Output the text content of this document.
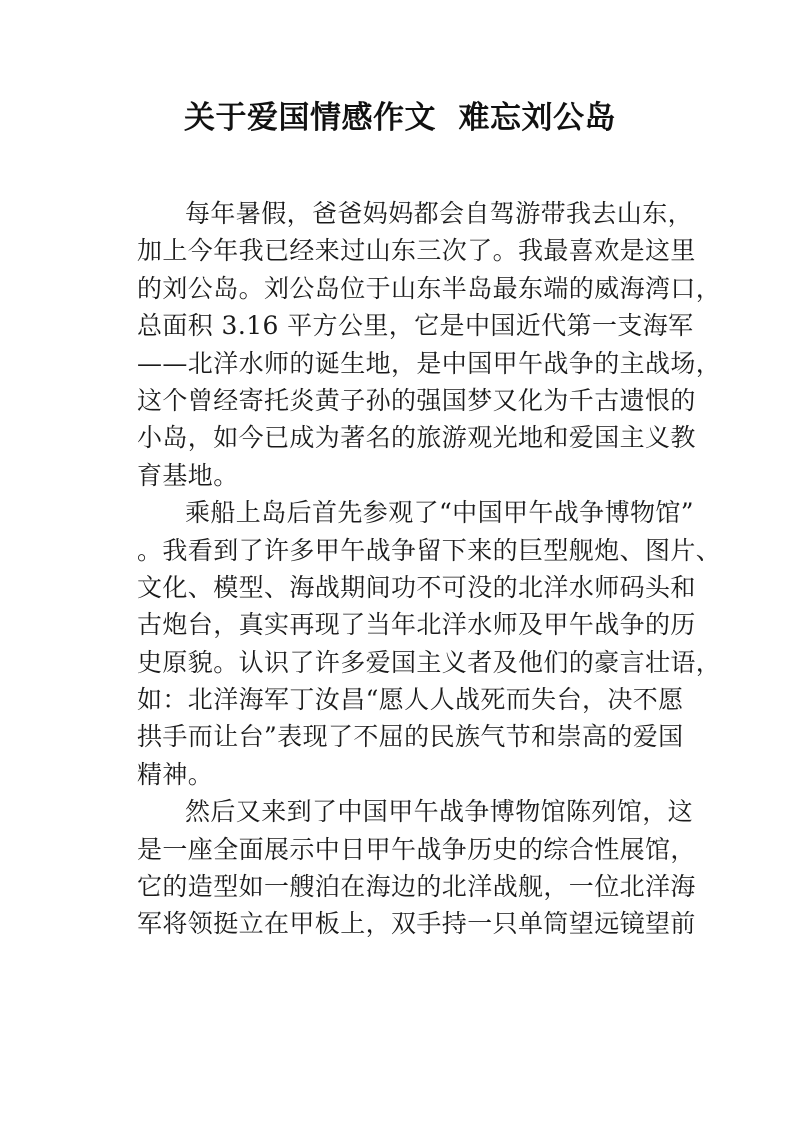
关于爱国情感作文  难忘刘公岛
每年暑假，爸爸妈妈都会自驾游带我去山东，
加上今年我已经来过山东三次了。我最喜欢是这里
的刘公岛。刘公岛位于山东半岛最东端的威海湾口，
总面积 3.16 平方公里，它是中国近代第一支海军
——北洋水师的诞生地，是中国甲午战争的主战场，
这个曾经寄托炎黄子孙的强国梦又化为千古遗恨的
小岛，如今已成为著名的旅游观光地和爱国主义教
育基地。
乘船上岛后首先参观了“中国甲午战争博物馆”
。我看到了许多甲午战争留下来的巨型舰炮、图片、
文化、模型、海战期间功不可没的北洋水师码头和
古炮台，真实再现了当年北洋水师及甲午战争的历
史原貌。认识了许多爱国主义者及他们的豪言壮语，
如：北洋海军丁汝昌“愿人人战死而失台，决不愿
拱手而让台”表现了不屈的民族气节和崇高的爱国
精神。
然后又来到了中国甲午战争博物馆陈列馆，这
是一座全面展示中日甲午战争历史的综合性展馆，
它的造型如一艘泊在海边的北洋战舰，一位北洋海
军将领挺立在甲板上，双手持一只单筒望远镜望前
